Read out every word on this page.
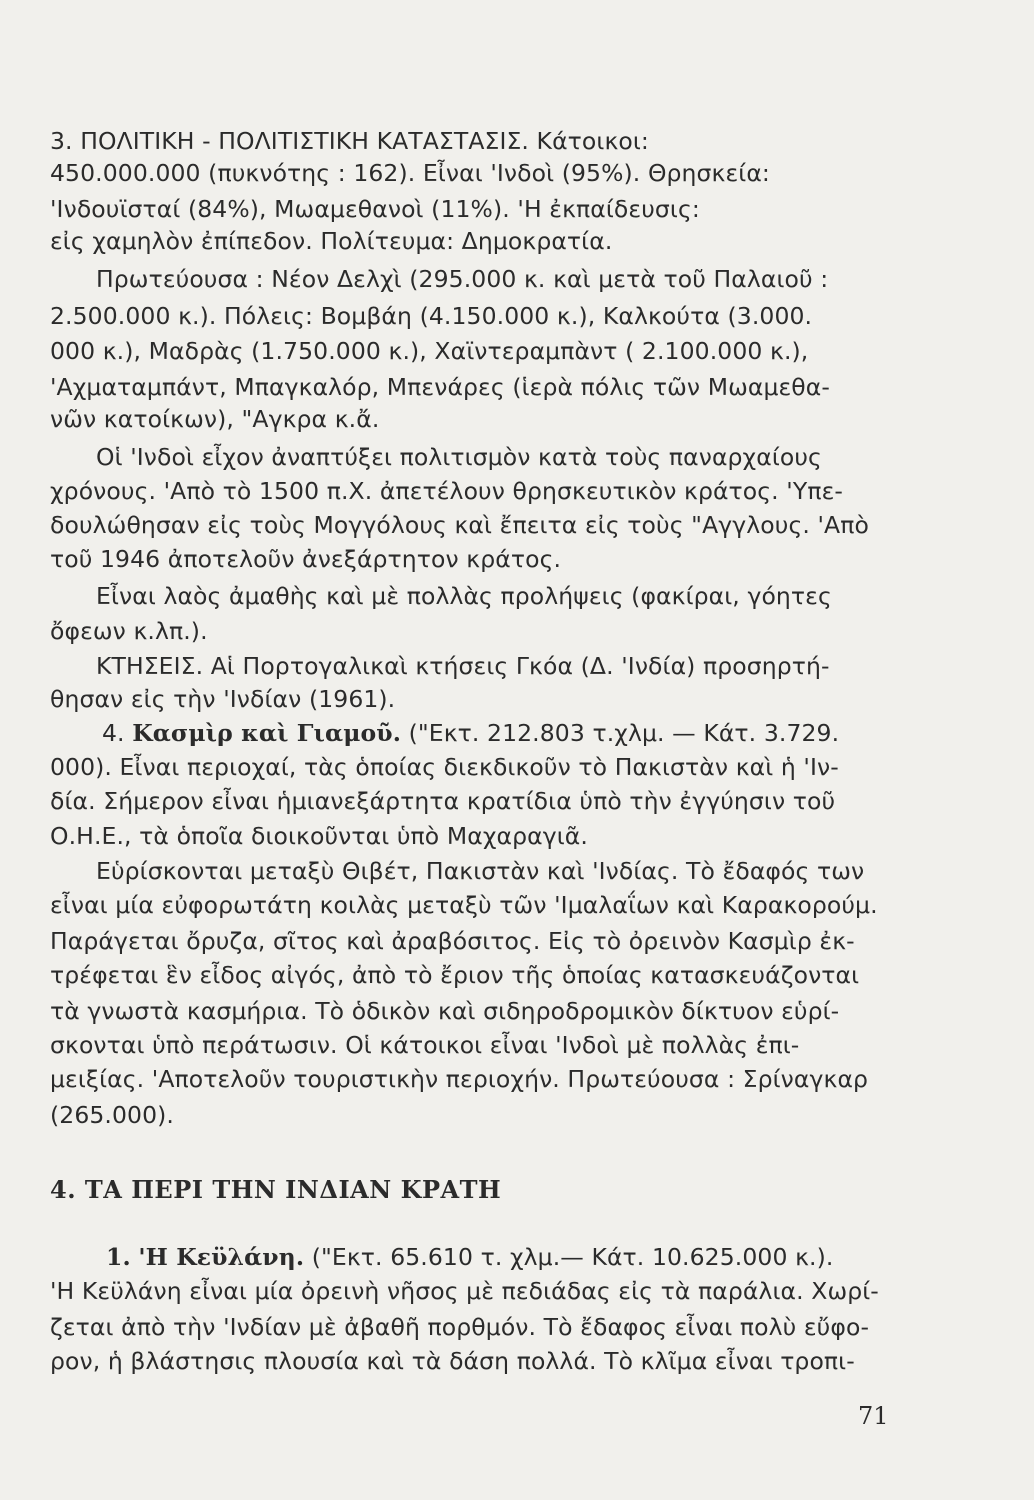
3. ΠΟΛΙΤΙΚΗ - ΠΟΛΙΤΙΣΤΙΚΗ ΚΑΤΑΣΤΑΣΙΣ. Κάτοικοι:
450.000.000 (πυκνότης : 162). Εἶναι 'Ινδοὶ (95%). Θρησκεία:
'Ινδουϊσταί (84%), Μωαμεθανοὶ (11%). 'Η ἐκπαίδευσις:
εἰς χαμηλὸν ἐπίπεδον. Πολίτευμα: Δημοκρατία.
Πρωτεύουσα : Νέον Δελχὶ (295.000 κ. καὶ μετὰ τοῦ Παλαιοῦ :
2.500.000 κ.). Πόλεις: Βομβάη (4.150.000 κ.), Καλκούτα (3.000.
000 κ.), Μαδρὰς (1.750.000 κ.), Χαϊντεραμπὰντ ( 2.100.000 κ.),
'Αχματαμπάντ, Μπαγκαλόρ, Μπενάρες (ἱερὰ πόλις τῶν Μωαμεθα-
νῶν κατοίκων), "Αγκρα κ.ἄ.
Οἱ 'Ινδοὶ εἶχον ἀναπτύξει πολιτισμὸν κατὰ τοὺς παναρχαίους
χρόνους. 'Απὸ τὸ 1500 π.Χ. ἀπετέλουν θρησκευτικὸν κράτος. 'Υπε-
δουλώθησαν εἰς τοὺς Μογγόλους καὶ ἔπειτα εἰς τοὺς "Αγγλους. 'Απὸ
τοῦ 1946 ἀποτελοῦν ἀνεξάρτητον κράτος.
Εἶναι λαὸς ἀμαθὴς καὶ μὲ πολλὰς προλήψεις (φακίραι, γόητες
ὄφεων κ.λπ.).
ΚΤΗΣΕΙΣ. Αἱ Πορτογαλικαὶ κτήσεις Γκόα (Δ. 'Ινδία) προσηρτή-
θησαν εἰς τὴν 'Ινδίαν (1961).
4. Κασμὶρ καὶ Γιαμοῦ. ("Εκτ. 212.803 τ.χλμ. — Κάτ. 3.729.
000). Εἶναι περιοχαί, τὰς ὁποίας διεκδικοῦν τὸ Πακιστὰν καὶ ἡ 'Ιν-
δία. Σήμερον εἶναι ἡμιανεξάρτητα κρατίδια ὑπὸ τὴν ἐγγύησιν τοῦ
Ο.Η.Ε., τὰ ὁποῖα διοικοῦνται ὑπὸ Μαχαραγιᾶ.
Εὑρίσκονται μεταξὺ Θιβέτ, Πακιστὰν καὶ 'Ινδίας. Τὸ ἔδαφός των
εἶναι μία εὐφορωτάτη κοιλὰς μεταξὺ τῶν 'Ιμαλαΐων καὶ Καρακορούμ.
Παράγεται ὄρυζα, σῖτος καὶ ἀραβόσιτος. Εἰς τὸ ὀρεινὸν Κασμὶρ ἐκ-
τρέφεται ἓν εἶδος αἰγός, ἀπὸ τὸ ἔριον τῆς ὁποίας κατασκευάζονται
τὰ γνωστὰ κασμήρια. Τὸ ὁδικὸν καὶ σιδηροδρομικὸν δίκτυον εὑρί-
σκονται ὑπὸ περάτωσιν. Οἱ κάτοικοι εἶναι 'Ινδοὶ μὲ πολλὰς ἐπι-
μειξίας. 'Αποτελοῦν τουριστικὴν περιοχήν. Πρωτεύουσα : Σρίναγκαρ
(265.000).
4. ΤΑ ΠΕΡΙ ΤΗΝ ΙΝΔΙΑΝ ΚΡΑΤΗ
1. 'Η Κεϋλάνη. ("Εκτ. 65.610 τ. χλμ.— Κάτ. 10.625.000 κ.).
'Η Κεϋλάνη εἶναι μία ὀρεινὴ νῆσος μὲ πεδιάδας εἰς τὰ παράλια. Χωρί-
ζεται ἀπὸ τὴν 'Ινδίαν μὲ ἀβαθῆ πορθμόν. Τὸ ἔδαφος εἶναι πολὺ εὔφο-
ρον, ἡ βλάστησις πλουσία καὶ τὰ δάση πολλά. Τὸ κλῖμα εἶναι τροπι-
71
